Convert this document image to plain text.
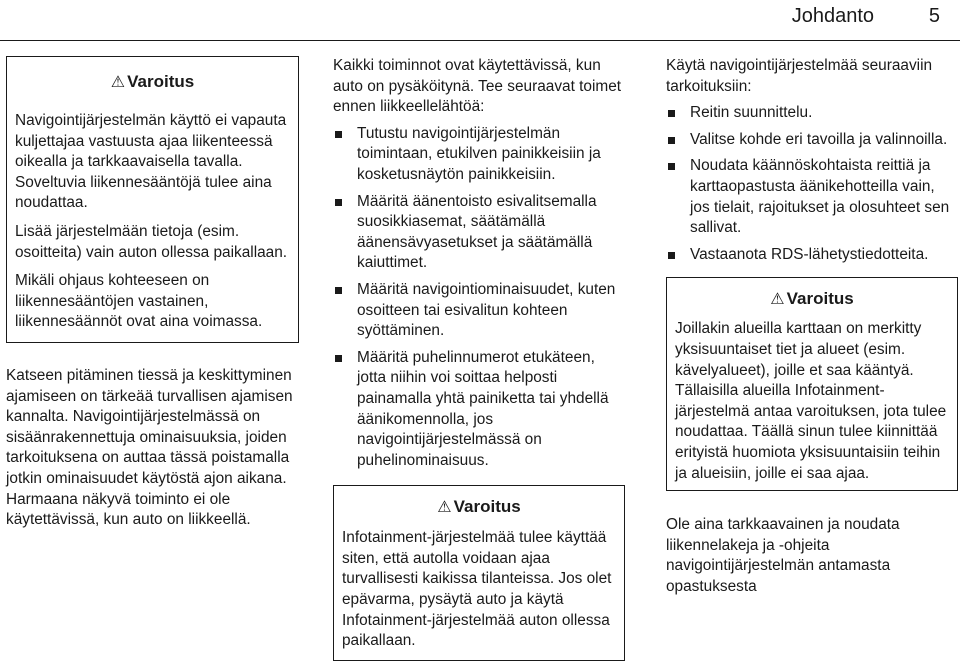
Johdanto	5
⚠ Varoitus

Navigointijärjestelmän käyttö ei vapauta kuljettajaa vastuusta ajaa liikenteessä oikealla ja tarkkaavaisella tavalla. Soveltuvia liikennesääntöjä tulee aina noudattaa.

Lisää järjestelmään tietoja (esim. osoitteita) vain auton ollessa paikallaan.

Mikäli ohjaus kohteeseen on liikennesääntöjen vastainen, liikennesäännöt ovat aina voimassa.

Katseen pitäminen tiessä ja keskittyminen ajamiseen on tärkeää turvallisen ajamisen kannalta. Navigointijärjestelmässä on sisäänrakennettuja ominaisuuksia, joiden tarkoituksena on auttaa tässä poistamalla jotkin ominaisuudet käytöstä ajon aikana. Harmaana näkyvä toiminto ei ole käytettävissä, kun auto on liikkeellä.

Kaikki toiminnot ovat käytettävissä, kun auto on pysäköitynä. Tee seuraavat toimet ennen liikkeellelähtöä:

Tutustu navigointijärjestelmän toimintaan, etukilven painikkeisiin ja kosketusnäytön painikkeisiin.
Määritä äänentoisto esivalitsemalla suosikkiasemat, säätämällä äänensävyasetukset ja säätämällä kaiuttimet.
Määritä navigointiominaisuudet, kuten osoitteen tai esivalitun kohteen syöttäminen.
Määritä puhelinnumerot etukäteen, jotta niihin voi soittaa helposti painamalla yhtä painiketta tai yhdellä äänikomennolla, jos navigointijärjestelmässä on puhelinominaisuus.
⚠ Varoitus

Infotainment-järjestelmää tulee käyttää siten, että autolla voidaan ajaa turvallisesti kaikissa tilanteissa. Jos olet epävarma, pysäytä auto ja käytä Infotainment-järjestelmää auton ollessa paikallaan.

Käytä navigointijärjestelmää seuraaviin tarkoituksiin:

Reitin suunnittelu.
Valitse kohde eri tavoilla ja valinnoilla.
Noudata käännöskohtaista reittiä ja karttaopastusta äänikehotteilla vain, jos tielait, rajoitukset ja olosuhteet sen sallivat.
Vastaanota RDS-lähetystiedotteita.
⚠ Varoitus

Joillakin alueilla karttaan on merkitty yksisuuntaiset tiet ja alueet (esim. kävelyalueet), joille et saa kääntyä. Tällaisilla alueilla Infotainment-järjestelmä antaa varoituksen, jota tulee noudattaa. Täällä sinun tulee kiinnittää erityistä huomiota yksisuuntaisiin teihin ja alueisiin, joille ei saa ajaa.

Ole aina tarkkaavainen ja noudata liikennelakeja ja -ohjeita navigointijärjestelmän antamasta opastuksesta
